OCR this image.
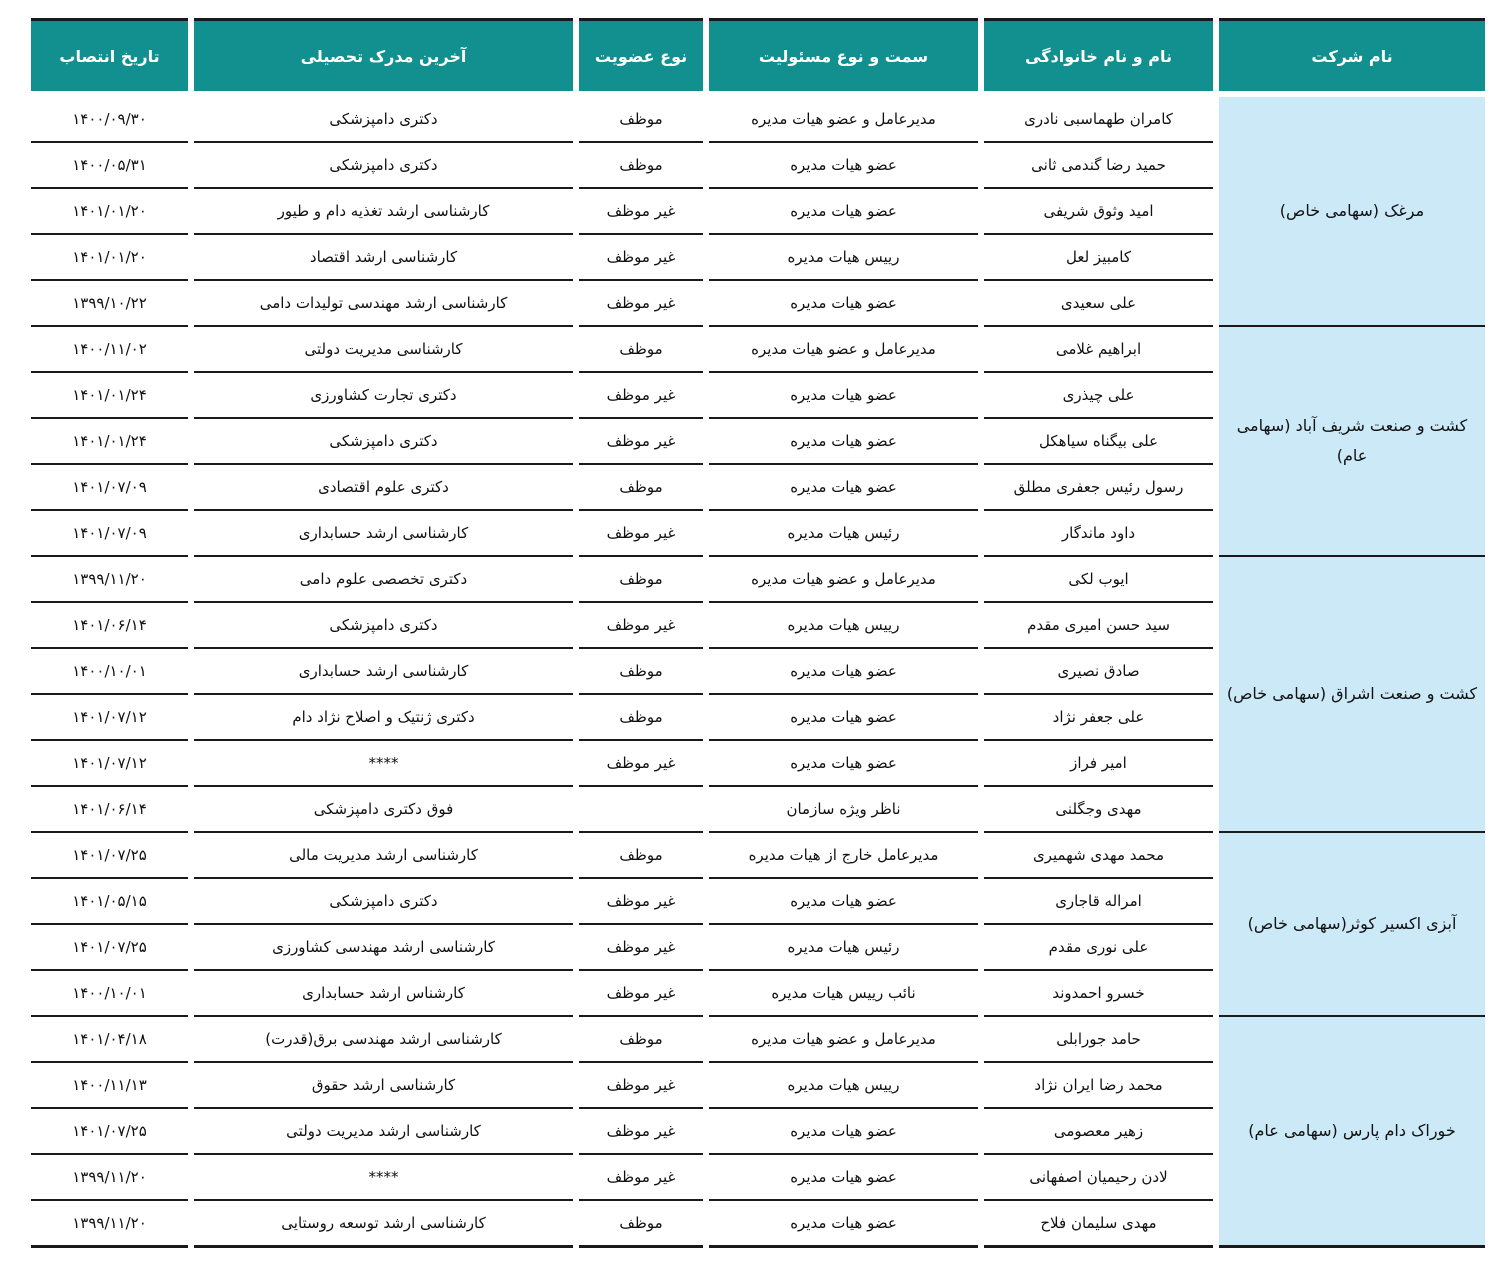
نام شرکت	نام و نام خانوادگی	سمت و نوع مسئولیت	نوع عضویت	آخرین مدرک تحصیلی	تاریخ انتصاب
مرغک (سهامی خاص)	کامران طهماسبی نادری	مدیرعامل و عضو هیات مدیره	موظف	دکتری دامپزشکی	۱۴۰۰/۰۹/۳۰
	حمید رضا گندمی ثانی	عضو هیات مدیره	موظف	دکتری دامپزشکی	۱۴۰۰/۰۵/۳۱
	امید وثوق شریفی	عضو هیات مدیره	غیر موظف	کارشناسی ارشد تغذیه دام و طیور	۱۴۰۱/۰۱/۲۰
	کامبیز لعل	رییس هیات مدیره	غیر موظف	کارشناسی ارشد اقتصاد	۱۴۰۱/۰۱/۲۰
	علی سعیدی	عضو هیات مدیره	غیر موظف	کارشناسی ارشد مهندسی تولیدات دامی	۱۳۹۹/۱۰/۲۲
کشت و صنعت شریف آباد (سهامی عام)	ابراهیم غلامی	مدیرعامل و عضو هیات مدیره	موظف	کارشناسی مدیریت دولتی	۱۴۰۰/۱۱/۰۲
	علی چیذری	عضو هیات مدیره	غیر موظف	دکتری تجارت کشاورزی	۱۴۰۱/۰۱/۲۴
	علی بیگناه سیاهکل	عضو هیات مدیره	غیر موظف	دکتری دامپزشکی	۱۴۰۱/۰۱/۲۴
	رسول رئیس جعفری مطلق	عضو هیات مدیره	موظف	دکتری علوم اقتصادی	۱۴۰۱/۰۷/۰۹
	داود ماندگار	رئیس هیات مدیره	غیر موظف	کارشناسی ارشد حسابداری	۱۴۰۱/۰۷/۰۹
کشت و صنعت اشراق (سهامی خاص)	ایوب لکی	مدیرعامل و عضو هیات مدیره	موظف	دکتری تخصصی علوم دامی	۱۳۹۹/۱۱/۲۰
	سید حسن امیری مقدم	رییس هیات مدیره	غیر موظف	دکتری دامپزشکی	۱۴۰۱/۰۶/۱۴
	صادق نصیری	عضو هیات مدیره	موظف	کارشناسی ارشد حسابداری	۱۴۰۰/۱۰/۰۱
	علی جعفر نژاد	عضو هیات مدیره	موظف	دکتری ژنتیک و اصلاح نژاد دام	۱۴۰۱/۰۷/۱۲
	امیر فراز	عضو هیات مدیره	غیر موظف	****	۱۴۰۱/۰۷/۱۲
	مهدی وجگلنی	ناظر ویژه سازمان		فوق دکتری دامپزشکی	۱۴۰۱/۰۶/۱۴
آبزی اکسیر کوثر(سهامی خاص)	محمد مهدی شهمیری	مدیرعامل خارج از هیات مدیره	موظف	کارشناسی ارشد مدیریت مالی	۱۴۰۱/۰۷/۲۵
	امراله قاجاری	عضو هیات مدیره	غیر موظف	دکتری دامپزشکی	۱۴۰۱/۰۵/۱۵
	علی نوری مقدم	رئیس هیات مدیره	غیر موظف	کارشناسی ارشد مهندسی کشاورزی	۱۴۰۱/۰۷/۲۵
	خسرو احمدوند	نائب رییس هیات مدیره	غیر موظف	کارشناس ارشد حسابداری	۱۴۰۰/۱۰/۰۱
خوراک دام پارس (سهامی عام)	حامد جورابلی	مدیرعامل و عضو هیات مدیره	موظف	کارشناسی ارشد مهندسی برق(قدرت)	۱۴۰۱/۰۴/۱۸
	محمد رضا ایران نژاد	رییس هیات مدیره	غیر موظف	کارشناسی ارشد حقوق	۱۴۰۰/۱۱/۱۳
	زهیر معصومی	عضو هیات مدیره	غیر موظف	کارشناسی ارشد مدیریت دولتی	۱۴۰۱/۰۷/۲۵
	لادن رحیمیان اصفهانی	عضو هیات مدیره	غیر موظف	****	۱۳۹۹/۱۱/۲۰
	مهدی سلیمان فلاح	عضو هیات مدیره	موظف	کارشناسی ارشد توسعه روستایی	۱۳۹۹/۱۱/۲۰
